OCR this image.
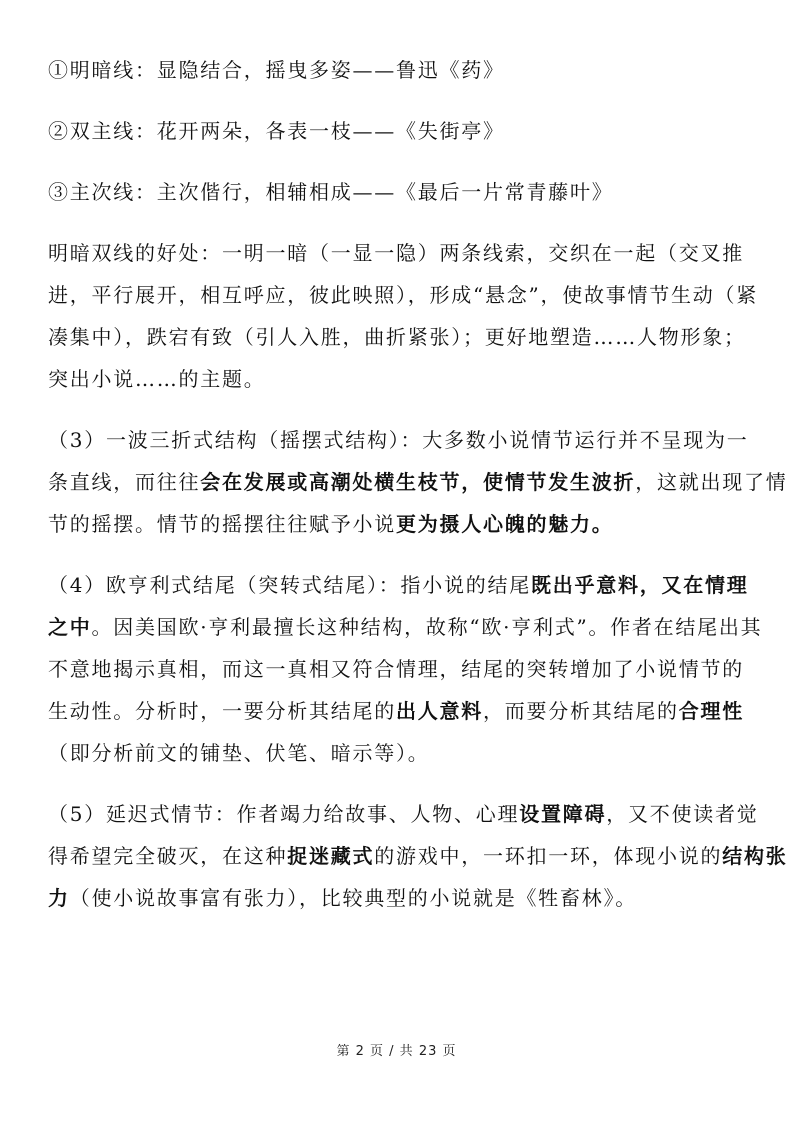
①明暗线：显隐结合，摇曳多姿——鲁迅《药》
②双主线：花开两朵，各表一枝——《失街亭》
③主次线：主次偕行，相辅相成——《最后一片常青藤叶》
明暗双线的好处：一明一暗（一显一隐）两条线索，交织在一起（交叉推
进，平行展开，相互呼应，彼此映照），形成“悬念”，使故事情节生动（紧
凑集中），跌宕有致（引人入胜，曲折紧张）；更好地塑造……人物形象；
突出小说……的主题。
（3）一波三折式结构（摇摆式结构）：大多数小说情节运行并不呈现为一
条直线，而往往会在发展或高潮处横生枝节，使情节发生波折，这就出现了情
节的摇摆。情节的摇摆往往赋予小说更为摄人心魄的魅力。
（4）欧亨利式结尾（突转式结尾）：指小说的结尾既出乎意料，又在情理
之中。因美国欧·亨利最擅长这种结构，故称“欧·亨利式”。作者在结尾出其
不意地揭示真相，而这一真相又符合情理，结尾的突转增加了小说情节的
生动性。分析时，一要分析其结尾的出人意料，而要分析其结尾的合理性
（即分析前文的铺垫、伏笔、暗示等）。
（5）延迟式情节：作者竭力给故事、人物、心理设置障碍，又不使读者觉
得希望完全破灭，在这种捉迷藏式的游戏中，一环扣一环，体现小说的结构张
力（使小说故事富有张力），比较典型的小说就是《牲畜林》。
第 2 页 / 共 23 页
